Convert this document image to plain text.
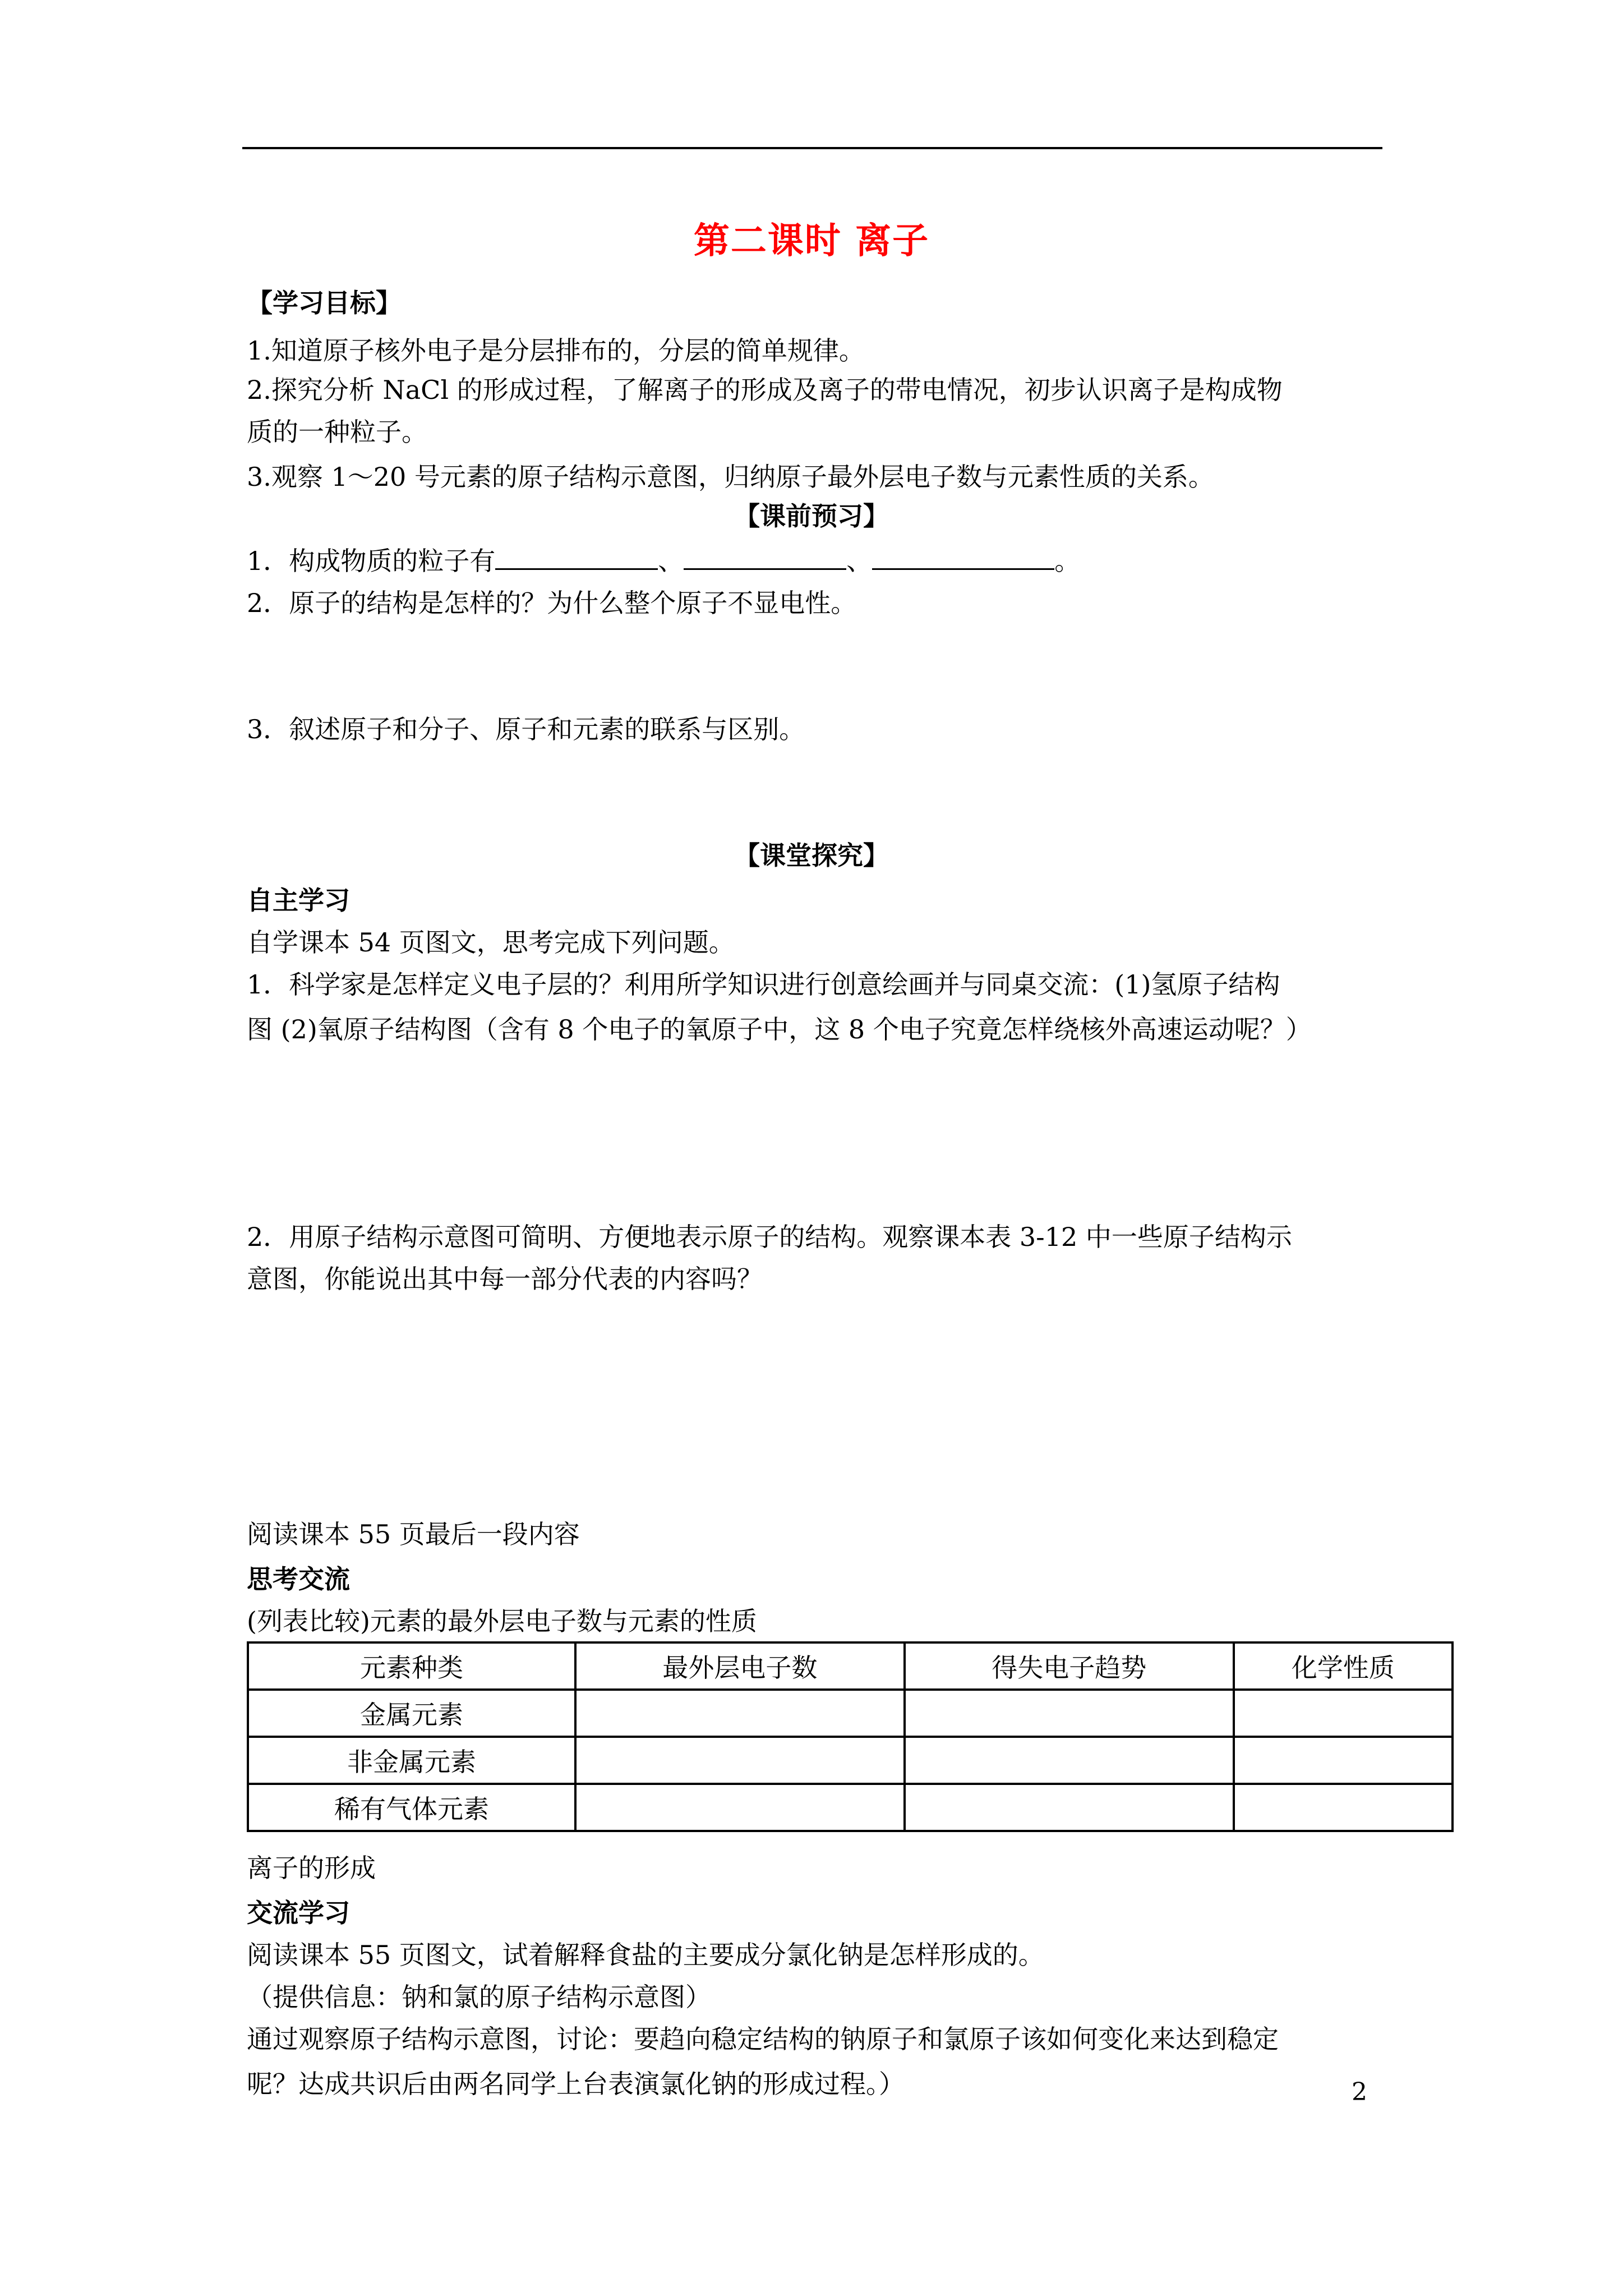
第二课时 离子
【学习目标】
1.知道原子核外电子是分层排布的，分层的简单规律。
2.探究分析 NaCl 的形成过程，了解离子的形成及离子的带电情况，初步认识离子是构成物
质的一种粒子。
3.观察 1～20 号元素的原子结构示意图，归纳原子最外层电子数与元素性质的关系。
【课前预习】
1．构成物质的粒子有	、	、	。
2．原子的结构是怎样的？为什么整个原子不显电性。
3．叙述原子和分子、原子和元素的联系与区别。
【课堂探究】
自主学习
自学课本 54 页图文，思考完成下列问题。
1．科学家是怎样定义电子层的？利用所学知识进行创意绘画并与同桌交流：(1)氢原子结构
图 (2)氧原子结构图（含有 8 个电子的氧原子中，这 8 个电子究竟怎样绕核外高速运动呢？）
2．用原子结构示意图可简明、方便地表示原子的结构。观察课本表 3-12 中一些原子结构示
意图，你能说出其中每一部分代表的内容吗？
阅读课本 55 页最后一段内容
思考交流
(列表比较)元素的最外层电子数与元素的性质
元素种类	最外层电子数	得失电子趋势	化学性质
金属元素			
非金属元素			
稀有气体元素			
离子的形成
交流学习
阅读课本 55 页图文，试着解释食盐的主要成分氯化钠是怎样形成的。
（提供信息：钠和氯的原子结构示意图）
通过观察原子结构示意图，讨论：要趋向稳定结构的钠原子和氯原子该如何变化来达到稳定
呢？达成共识后由两名同学上台表演氯化钠的形成过程。）	2
